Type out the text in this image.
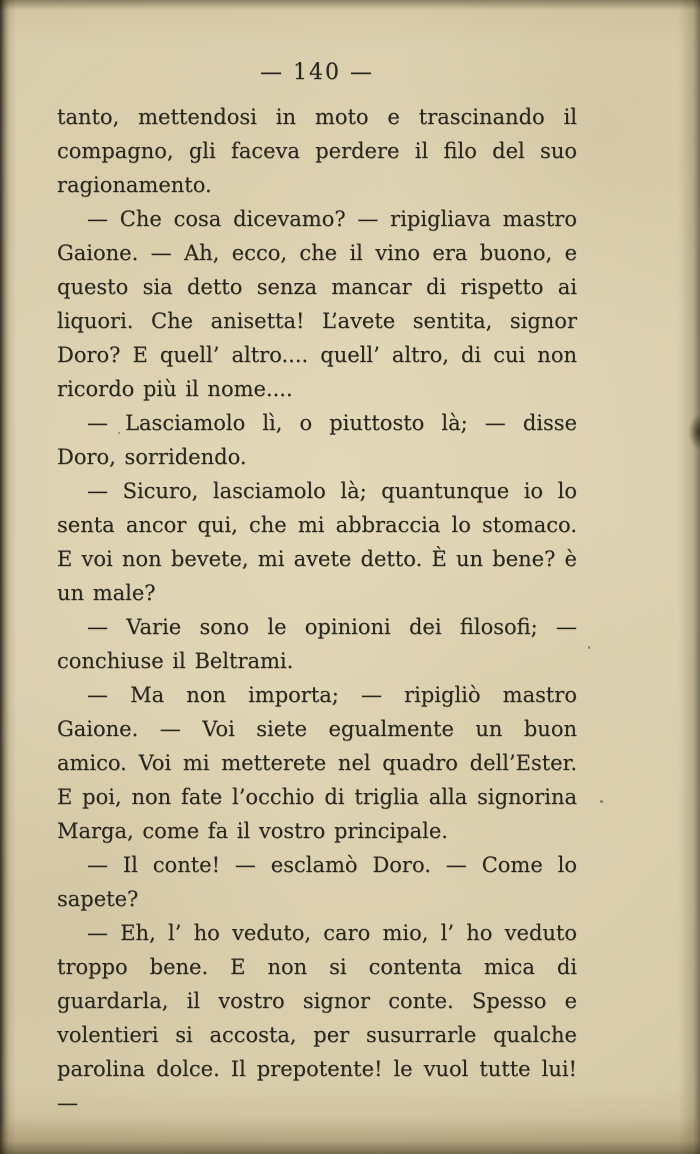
— 140 —

tanto, mettendosi in moto e trascinando il compagno, gli faceva perdere il filo del suo ragionamento.

— Che cosa dicevamo? — ripigliava mastro Gaione. — Ah, ecco, che il vino era buono, e questo sia detto senza mancar di rispetto ai liquori. Che anisetta! L’avete sentita, signor Doro? E quell’ altro.... quell’ altro, di cui non ricordo più il nome....

— Lasciamolo lì, o piuttosto là; — disse Doro, sorridendo.

— Sicuro, lasciamolo là; quantunque io lo senta ancor qui, che mi abbraccia lo stomaco. E voi non bevete, mi avete detto. È un bene? è un male?

— Varie sono le opinioni dei filosofi; — conchiuse il Beltrami.

— Ma non importa; — ripigliò mastro Gaione. — Voi siete egualmente un buon amico. Voi mi metterete nel quadro dell’Ester. E poi, non fate l’occhio di triglia alla signorina Marga, come fa il vostro principale.

— Il conte! — esclamò Doro. — Come lo sapete?

— Eh, l’ ho veduto, caro mio, l’ ho veduto troppo bene. E non si contenta mica di guardarla, il vostro signor conte. Spesso e volentieri si accosta, per susurrarle qualche parolina dolce. Il prepotente! le vuol tutte lui! —
